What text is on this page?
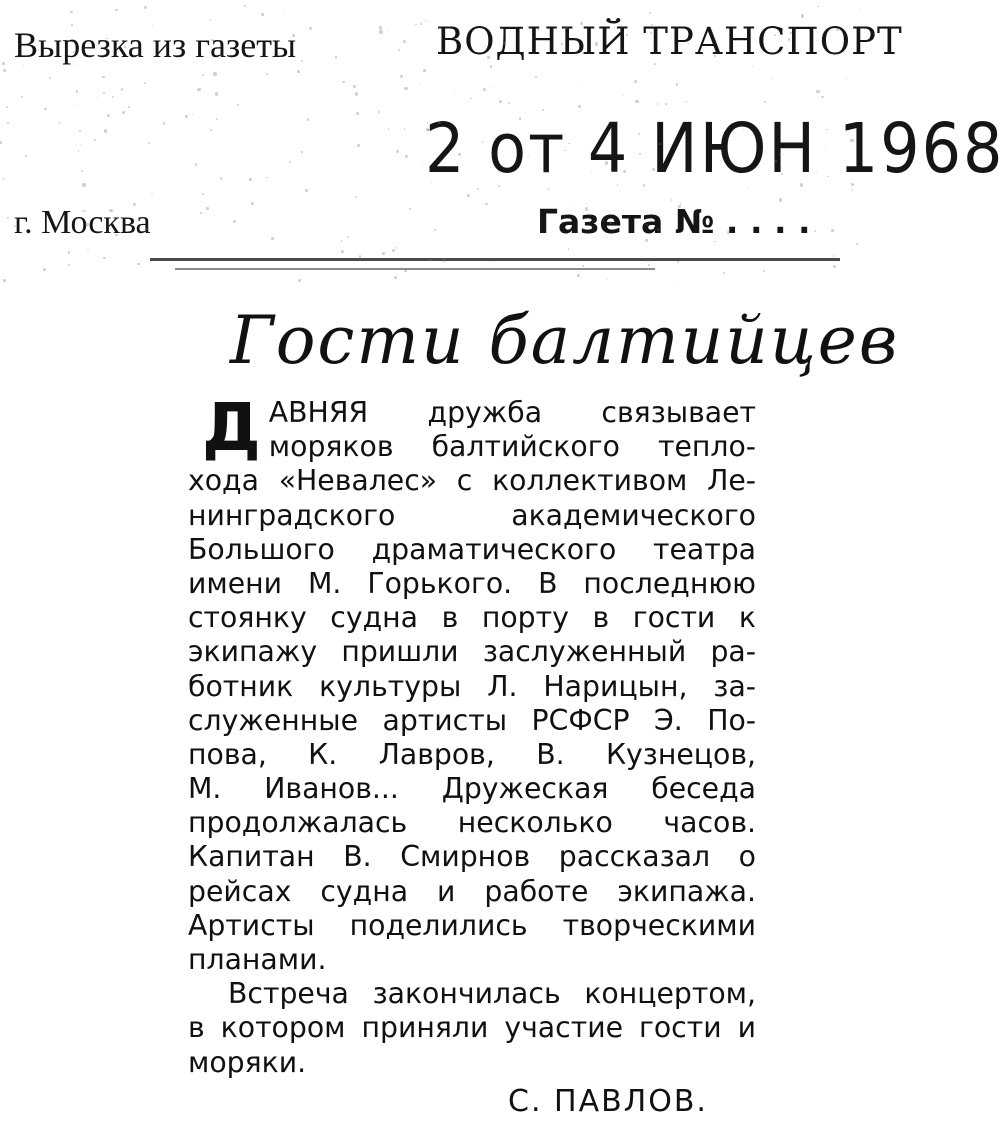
Вырезка из газеты	ВОДНЫЙ ТРАНСПОРТ
2 от 4 ИЮН 1968
г. Москва	Газета № . . . .
Гости балтийцев
Д АВНЯЯ дружба связывает
моряков балтийского тепло-
хода «Невалес» с коллективом Ле-
нинградского академического
Большого драматического театра
имени М. Горького. В последнюю
стоянку судна в порту в гости к
экипажу пришли заслуженный ра-
ботник культуры Л. Нарицын, за-
служенные артисты РСФСР Э. По-
пова, К. Лавров, В. Кузнецов,
М. Иванов... Дружеская беседа
продолжалась несколько часов.
Капитан В. Смирнов рассказал о
рейсах судна и работе экипажа.
Артисты поделились творческими
планами.
Встреча закончилась концертом,
в котором приняли участие гости и
моряки.
С. ПАВЛОВ.
